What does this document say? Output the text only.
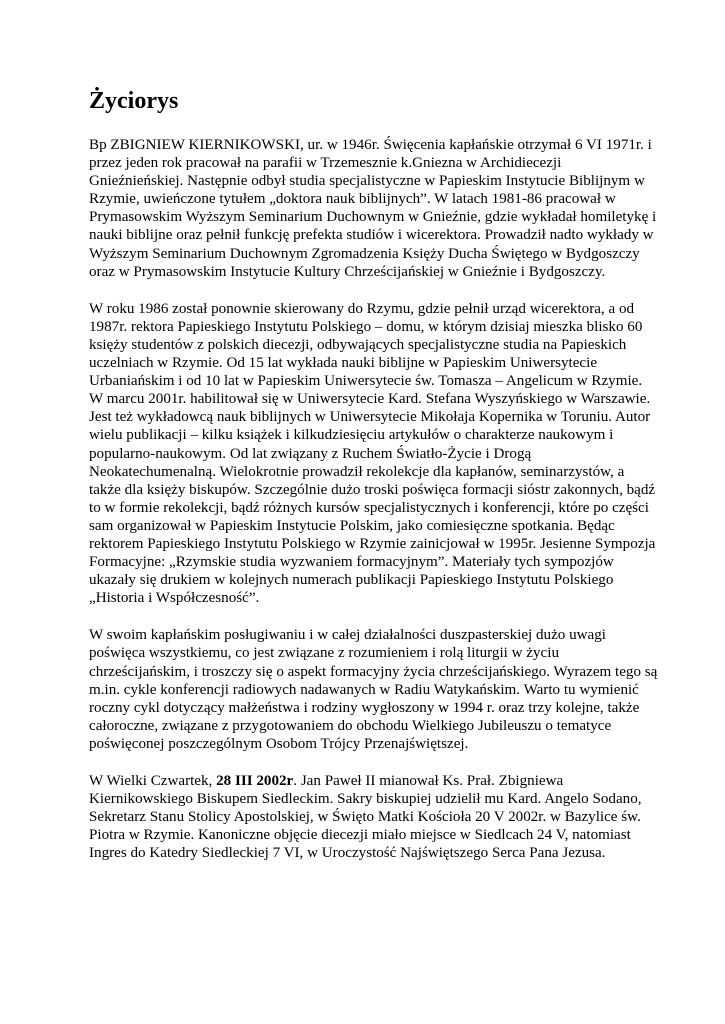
Życiorys

Bp ZBIGNIEW KIERNIKOWSKI, ur. w 1946r. Święcenia kapłańskie otrzymał 6 VI 1971r. i
przez jeden rok pracował na parafii w Trzemesznie k.Gniezna w Archidiecezji
Gnieźnieńskiej. Następnie odbył studia specjalistyczne w Papieskim Instytucie Biblijnym w
Rzymie, uwieńczone tytułem „doktora nauk biblijnych”. W latach 1981-86 pracował w
Prymasowskim Wyższym Seminarium Duchownym w Gnieźnie, gdzie wykładał homiletykę i
nauki biblijne oraz pełnił funkcję prefekta studiów i wicerektora. Prowadził nadto wykłady w
Wyższym Seminarium Duchownym Zgromadzenia Księży Ducha Świętego w Bydgoszczy
oraz w Prymasowskim Instytucie Kultury Chrześcijańskiej w Gnieźnie i Bydgoszczy.

W roku 1986 został ponownie skierowany do Rzymu, gdzie pełnił urząd wicerektora, a od
1987r. rektora Papieskiego Instytutu Polskiego – domu, w którym dzisiaj mieszka blisko 60
księży studentów z polskich diecezji, odbywających specjalistyczne studia na Papieskich
uczelniach w Rzymie. Od 15 lat wykłada nauki biblijne w Papieskim Uniwersytecie
Urbaniańskim i od 10 lat w Papieskim Uniwersytecie św. Tomasza – Angelicum w Rzymie.
W marcu 2001r. habilitował się w Uniwersytecie Kard. Stefana Wyszyńskiego w Warszawie.
Jest też wykładowcą nauk biblijnych w Uniwersytecie Mikołaja Kopernika w Toruniu. Autor
wielu publikacji – kilku książek i kilkudziesięciu artykułów o charakterze naukowym i
popularno-naukowym. Od lat związany z Ruchem Światło-Życie i Drogą
Neokatechumenalną. Wielokrotnie prowadził rekolekcje dla kapłanów, seminarzystów, a
także dla księży biskupów. Szczególnie dużo troski poświęca formacji sióstr zakonnych, bądź
to w formie rekolekcji, bądź różnych kursów specjalistycznych i konferencji, które po części
sam organizował w Papieskim Instytucie Polskim, jako comiesięczne spotkania. Będąc
rektorem Papieskiego Instytutu Polskiego w Rzymie zainicjował w 1995r. Jesienne Sympozja
Formacyjne: „Rzymskie studia wyzwaniem formacyjnym”. Materiały tych sympozjów
ukazały się drukiem w kolejnych numerach publikacji Papieskiego Instytutu Polskiego
„Historia i Współczesność”.

W swoim kapłańskim posługiwaniu i w całej działalności duszpasterskiej dużo uwagi
poświęca wszystkiemu, co jest związane z rozumieniem i rolą liturgii w życiu
chrześcijańskim, i troszczy się o aspekt formacyjny życia chrześcijańskiego. Wyrazem tego są
m.in. cykle konferencji radiowych nadawanych w Radiu Watykańskim. Warto tu wymienić
roczny cykl dotyczący małżeństwa i rodziny wygłoszony w 1994 r. oraz trzy kolejne, także
całoroczne, związane z przygotowaniem do obchodu Wielkiego Jubileuszu o tematyce
poświęconej poszczególnym Osobom Trójcy Przenajświętszej.

W Wielki Czwartek, 28 III 2002r. Jan Paweł II mianował Ks. Prał. Zbigniewa
Kiernikowskiego Biskupem Siedleckim. Sakry biskupiej udzielił mu Kard. Angelo Sodano,
Sekretarz Stanu Stolicy Apostolskiej, w Święto Matki Kościoła 20 V 2002r. w Bazylice św.
Piotra w Rzymie. Kanoniczne objęcie diecezji miało miejsce w Siedlcach 24 V, natomiast
Ingres do Katedry Siedleckiej 7 VI, w Uroczystość Najświętszego Serca Pana Jezusa.
